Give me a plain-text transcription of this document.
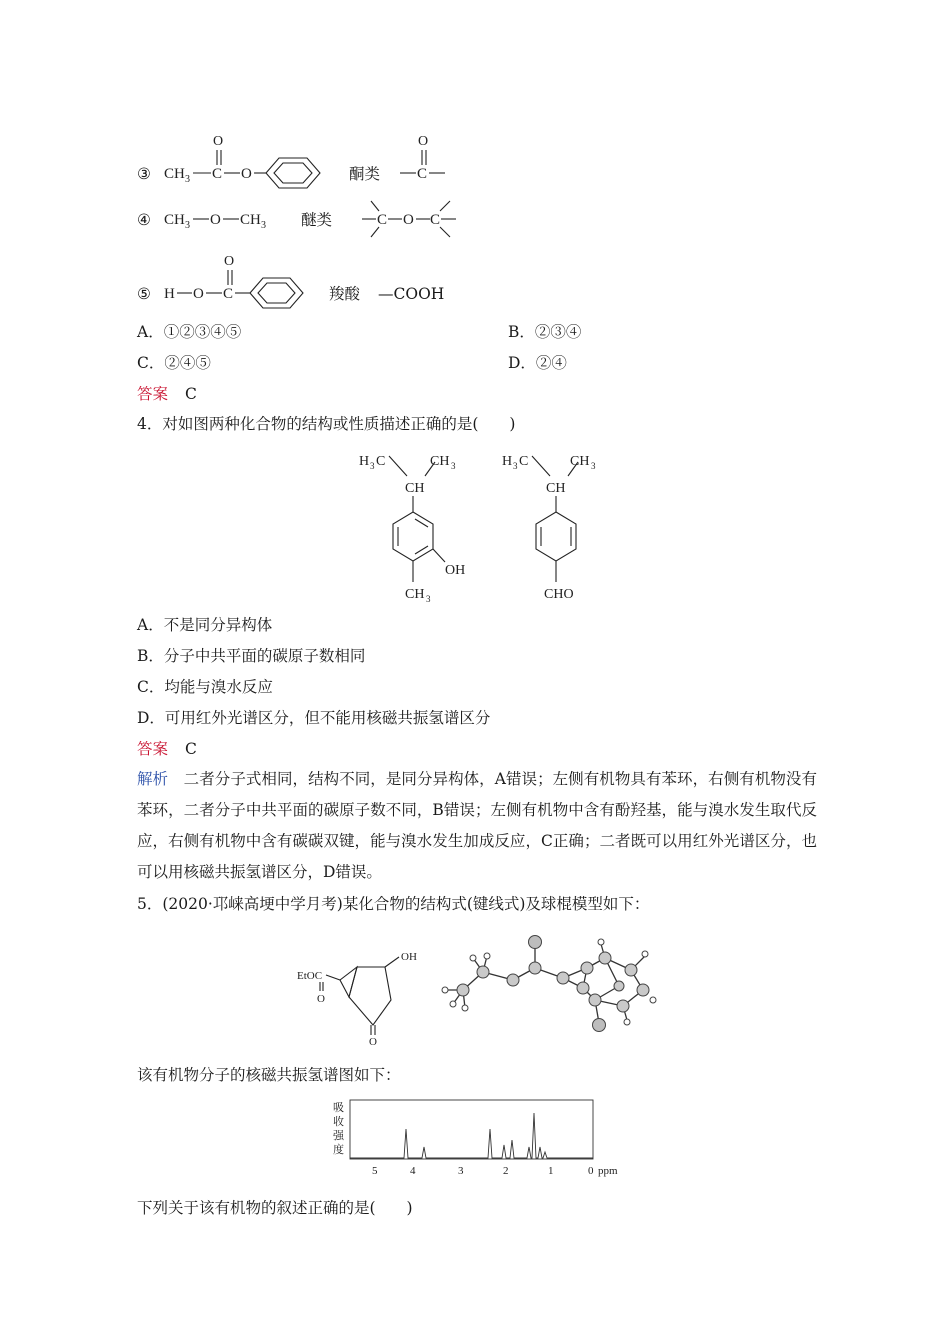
③ CH 3 C
O
O	酮类 C
O
④ CH 3 O CH 3 醚类	C O C
⑤ H O C
O
羧酸 —COOH
A．①②③④⑤	B．②③④
C．②④⑤	D．②④
答案 C
4．对如图两种化合物的结构或性质描述正确的是(　　)
H 3 C	CH 3
CH
OH
CH 3
H 3 C	CH 3
CH
CHO
A．不是同分异构体
B．分子中共平面的碳原子数相同
C．均能与溴水反应
D．可用红外光谱区分，但不能用核磁共振氢谱区分
答案 C
解析　 二者分子式相同，结构不同，是同分异构体，A错误；左侧有机物具有苯环，右侧有机物没有苯环，二者分子中共平面的碳原子数不同，B错误；左侧有机物中含有酚羟基，能与溴水发生取代反应，右侧有机物中含有碳碳双键，能与溴水发生加成反应，C正确；二者既可以用红外光谱区分，也可以用核磁共振氢谱区分，D错误。
5．(2020·邛崃高埂中学月考)某化合物的结构式(键线式)及球棍模型如下：
EtOC
O
OH
O
该有机物分子的核磁共振氢谱图如下：
吸
收
强
度
5	4	3	2	1	0 ppm
下列关于该有机物的叙述正确的是(　　)
